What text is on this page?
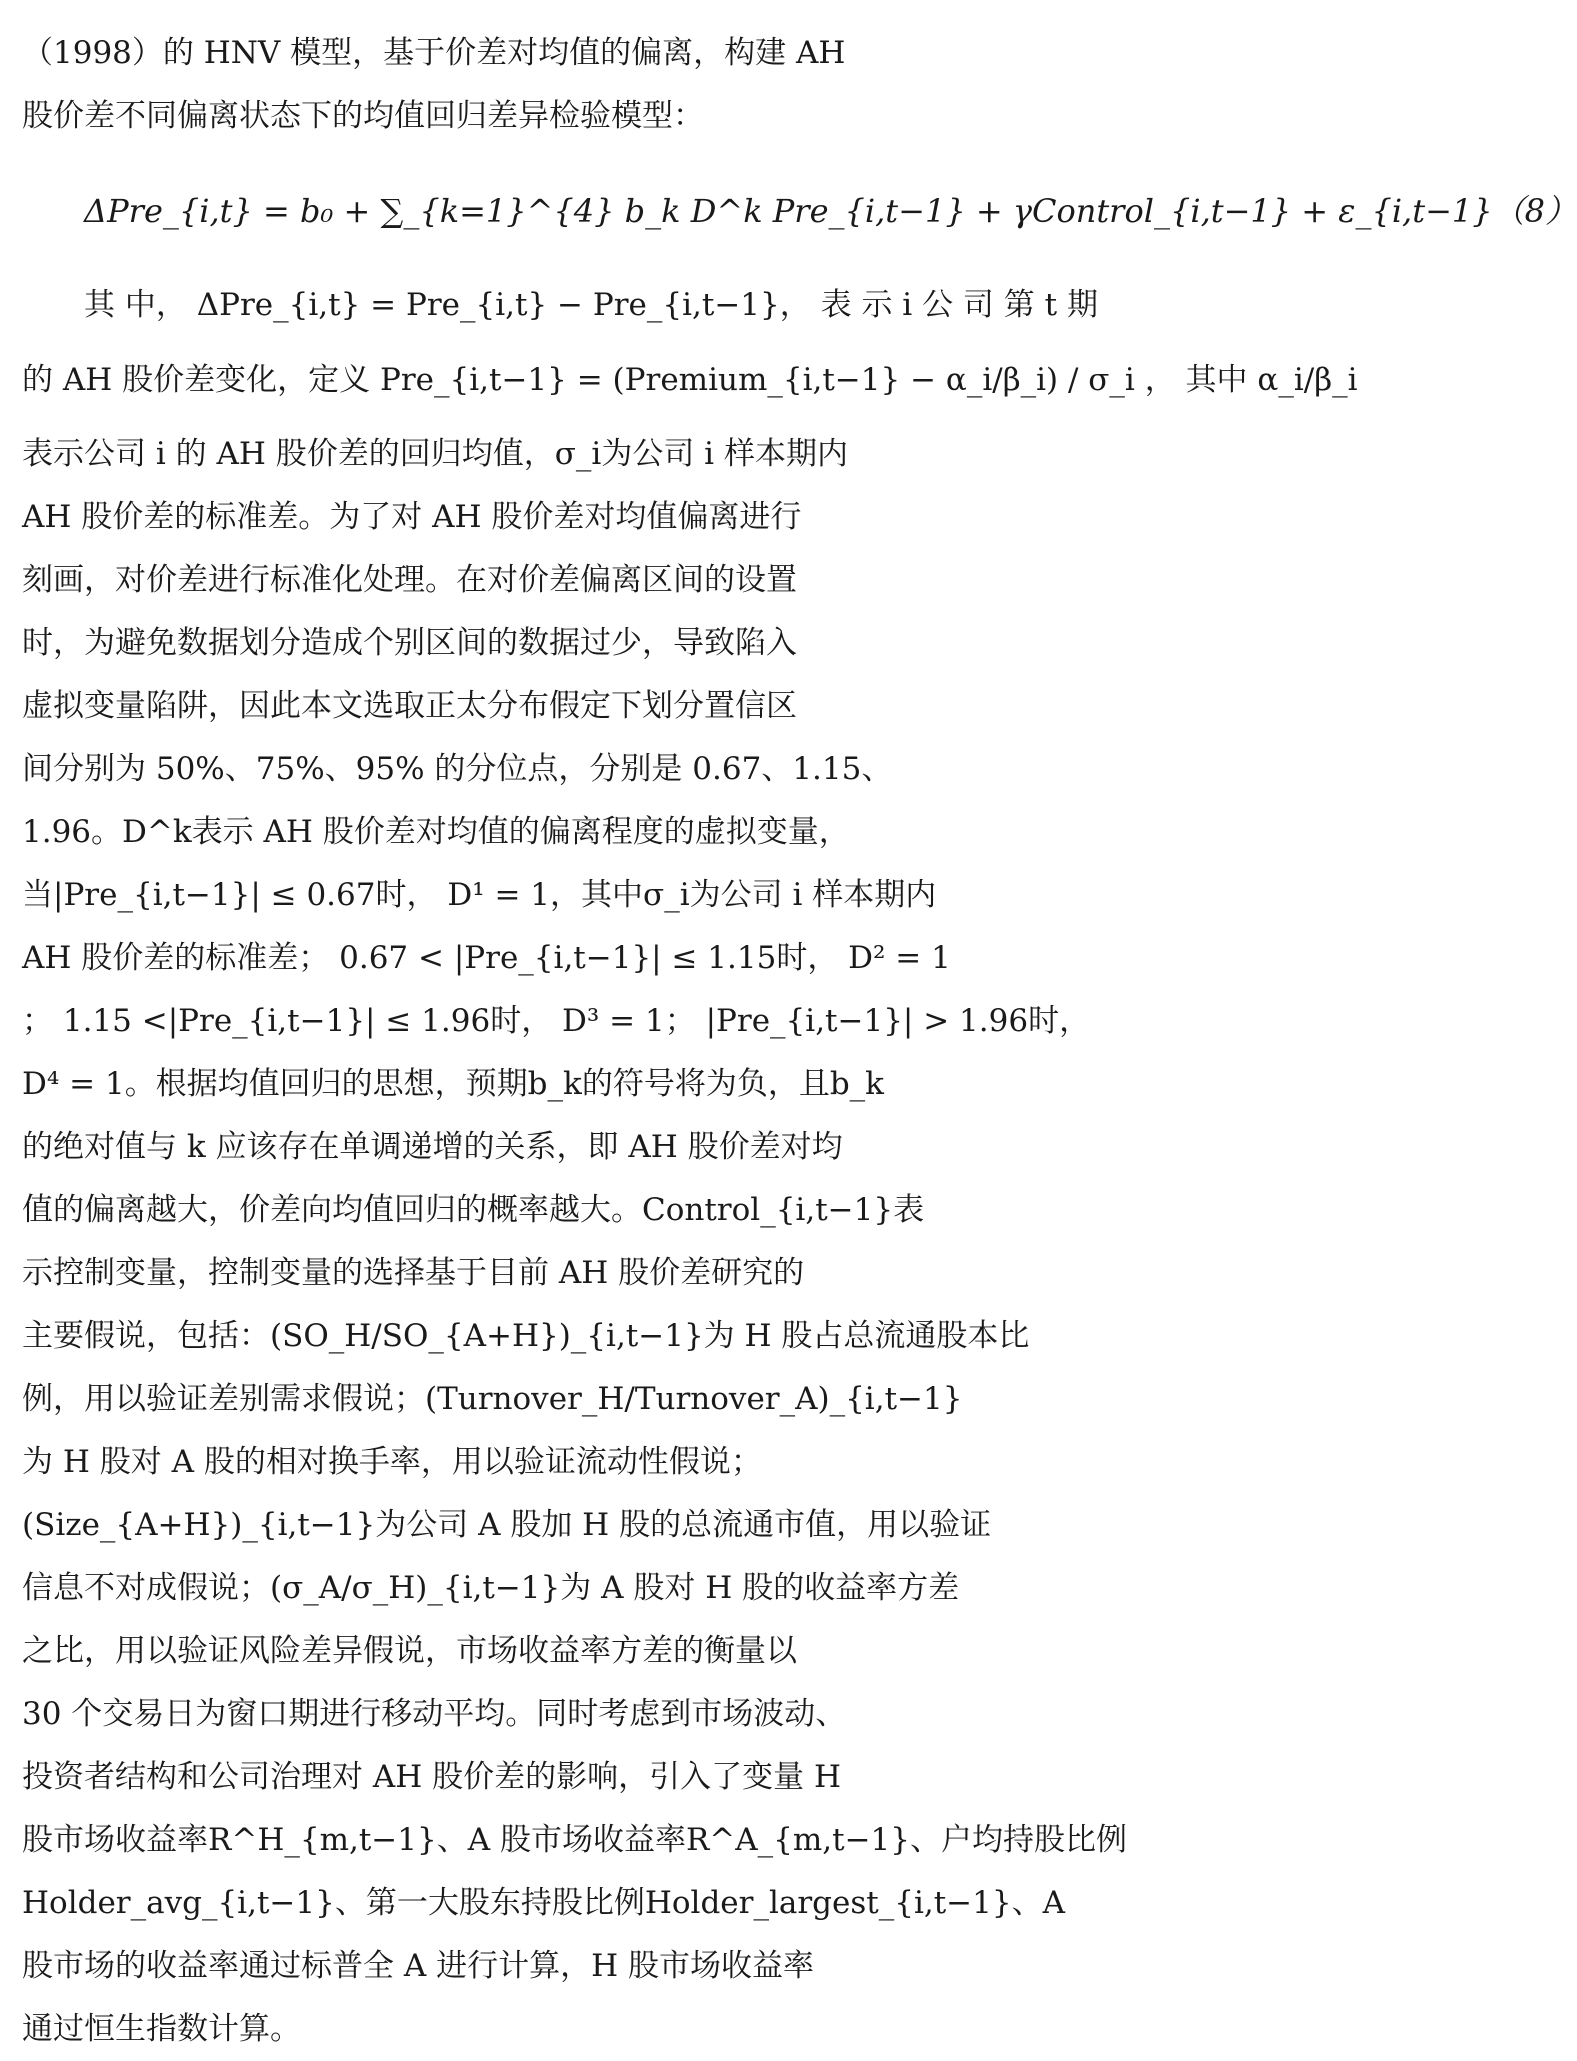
（1998）的 HNV 模型，基于价差对均值的偏离，构建 AH
股价差不同偏离状态下的均值回归差异检验模型：
ΔPre_{i,t} = b₀ + ∑_{k=1}^{4} b_k D^k Pre_{i,t−1} + γControl_{i,t−1} + ε_{i,t−1}（8）
其 中， ΔPre_{i,t} = Pre_{i,t} − Pre_{i,t−1}， 表 示 i 公 司 第 t 期
的 AH 股价差变化，定义 Pre_{i,t−1} = (Premium_{i,t−1} − α_i/β_i) / σ_i ， 其中 α_i/β_i
表示公司 i 的 AH 股价差的回归均值，σ_i为公司 i 样本期内
AH 股价差的标准差。为了对 AH 股价差对均值偏离进行
刻画，对价差进行标准化处理。在对价差偏离区间的设置
时，为避免数据划分造成个别区间的数据过少，导致陷入
虚拟变量陷阱，因此本文选取正太分布假定下划分置信区
间分别为 50%、75%、95% 的分位点，分别是 0.67、1.15、
1.96。D^k表示 AH 股价差对均值的偏离程度的虚拟变量，
当|Pre_{i,t−1}| ≤ 0.67时， D¹ = 1，其中σ_i为公司 i 样本期内
AH 股价差的标准差； 0.67 < |Pre_{i,t−1}| ≤ 1.15时， D² = 1
； 1.15 <|Pre_{i,t−1}| ≤ 1.96时， D³ = 1； |Pre_{i,t−1}| > 1.96时，
D⁴ = 1。根据均值回归的思想，预期b_k的符号将为负，且b_k
的绝对值与 k 应该存在单调递增的关系，即 AH 股价差对均
值的偏离越大，价差向均值回归的概率越大。Control_{i,t−1}表
示控制变量，控制变量的选择基于目前 AH 股价差研究的
主要假说，包括：(SO_H/SO_{A+H})_{i,t−1}为 H 股占总流通股本比
例，用以验证差别需求假说；(Turnover_H/Turnover_A)_{i,t−1}
为 H 股对 A 股的相对换手率，用以验证流动性假说；
(Size_{A+H})_{i,t−1}为公司 A 股加 H 股的总流通市值，用以验证
信息不对成假说；(σ_A/σ_H)_{i,t−1}为 A 股对 H 股的收益率方差
之比，用以验证风险差异假说，市场收益率方差的衡量以
30 个交易日为窗口期进行移动平均。同时考虑到市场波动、
投资者结构和公司治理对 AH 股价差的影响，引入了变量 H
股市场收益率R^H_{m,t−1}、A 股市场收益率R^A_{m,t−1}、户均持股比例
Holder_avg_{i,t−1}、第一大股东持股比例Holder_largest_{i,t−1}、A
股市场的收益率通过标普全 A 进行计算，H 股市场收益率
通过恒生指数计算。
